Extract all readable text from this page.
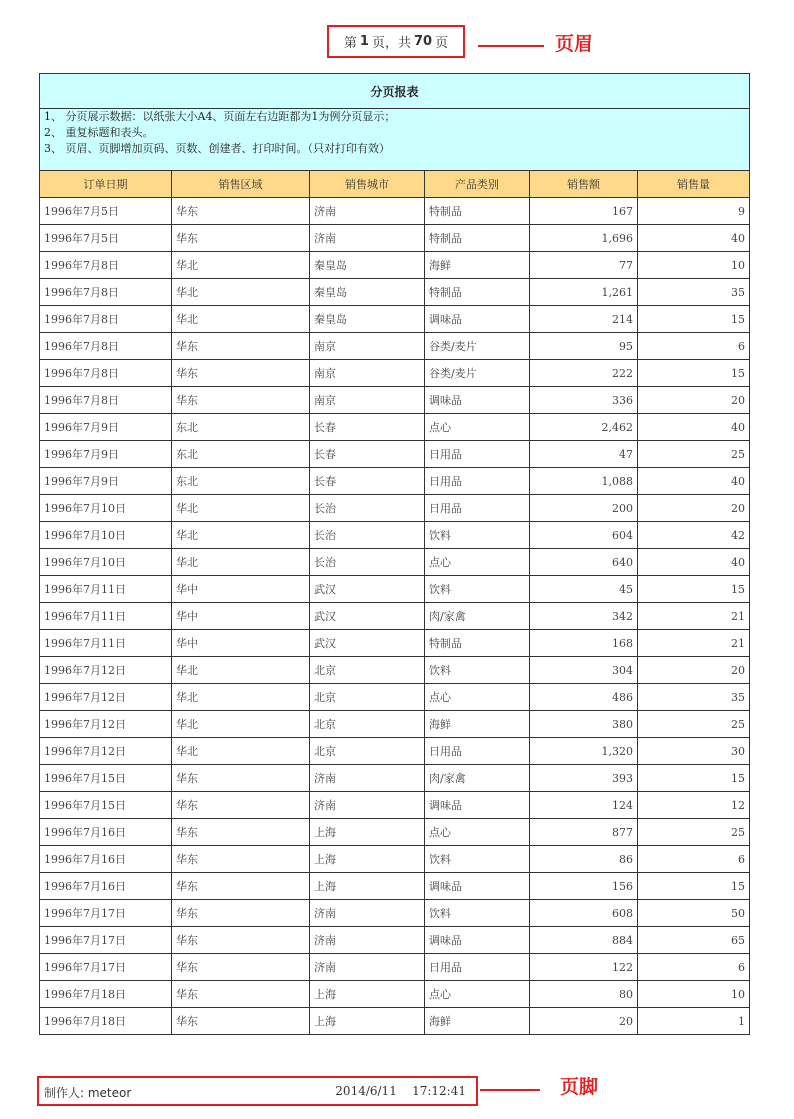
第 1 页，共 70 页	页眉
分页报表					

1、 分页展示数据：以纸张大小A4、页面左右边距都为1为例分页显示；
2、 重复标题和表头。
3、 页眉、页脚增加页码、页数、创建者、打印时间。（只对打印有效）					

订单日期	销售区域	销售城市	产品类别	销售额	销售量
1996年7月5日	华东	济南	特制品	167	9
1996年7月5日	华东	济南	特制品	1,696	40
1996年7月8日	华北	秦皇岛	海鲜	77	10
1996年7月8日	华北	秦皇岛	特制品	1,261	35
1996年7月8日	华北	秦皇岛	调味品	214	15
1996年7月8日	华东	南京	谷类/麦片	95	6
1996年7月8日	华东	南京	谷类/麦片	222	15
1996年7月8日	华东	南京	调味品	336	20
1996年7月9日	东北	长春	点心	2,462	40
1996年7月9日	东北	长春	日用品	47	25
1996年7月9日	东北	长春	日用品	1,088	40
1996年7月10日	华北	长治	日用品	200	20
1996年7月10日	华北	长治	饮料	604	42
1996年7月10日	华北	长治	点心	640	40
1996年7月11日	华中	武汉	饮料	45	15
1996年7月11日	华中	武汉	肉/家禽	342	21
1996年7月11日	华中	武汉	特制品	168	21
1996年7月12日	华北	北京	饮料	304	20
1996年7月12日	华北	北京	点心	486	35
1996年7月12日	华北	北京	海鲜	380	25
1996年7月12日	华北	北京	日用品	1,320	30
1996年7月15日	华东	济南	肉/家禽	393	15
1996年7月15日	华东	济南	调味品	124	12
1996年7月16日	华东	上海	点心	877	25
1996年7月16日	华东	上海	饮料	86	6
1996年7月16日	华东	上海	调味品	156	15
1996年7月17日	华东	济南	饮料	608	50
1996年7月17日	华东	济南	调味品	884	65
1996年7月17日	华东	济南	日用品	122	6
1996年7月18日	华东	上海	点心	80	10
1996年7月18日	华东	上海	海鲜	20	1
制作人: meteor	2014/6/11 17:12:41	页脚
